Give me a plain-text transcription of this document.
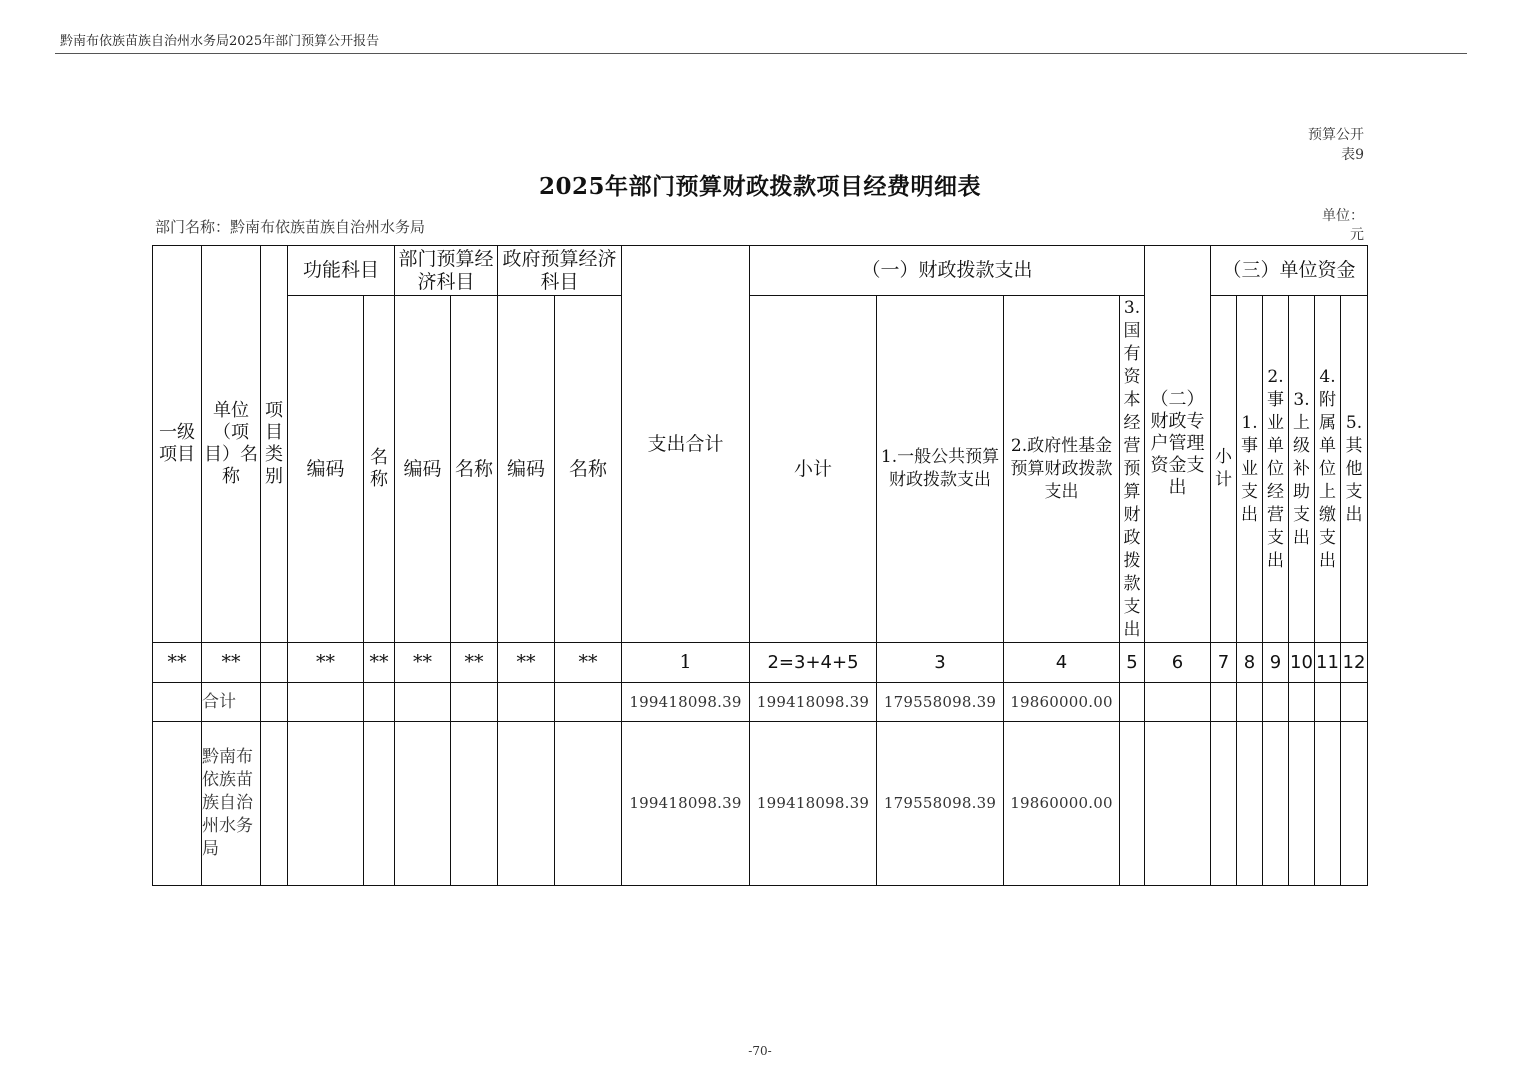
黔南布依族苗族自治州水务局2025年部门预算公开报告
预算公开
表9
2025年部门预算财政拨款项目经费明细表
部门名称：黔南布依族苗族自治州水务局
单位：
元
一级项目	单位（项目）名称	项目类别	功能科目		部门预算经济科目		政府预算经济科目		支出合计	（一）财政拨款支出				（二）财政专户管理资金支出	（三）单位资金					
			编码	名称	编码	名称	编码	名称		小计	1.一般公共预算财政拨款支出	2.政府性基金预算财政拨款支出	3.国有资本经营预算财政拨款支出		小计	1.事业支出	2.事业单位经营支出	3.上级补助支出	4.附属单位上缴支出	5.其他支出
**	**		**	**	**	**	**	**	1	2=3+4+5	3	4	5	6	7	8	9	10	11	12
	合计								199418098.39	199418098.39	179558098.39	19860000.00								
	黔南布依族苗族自治州水务局								199418098.39	199418098.39	179558098.39	19860000.00								
-70-
